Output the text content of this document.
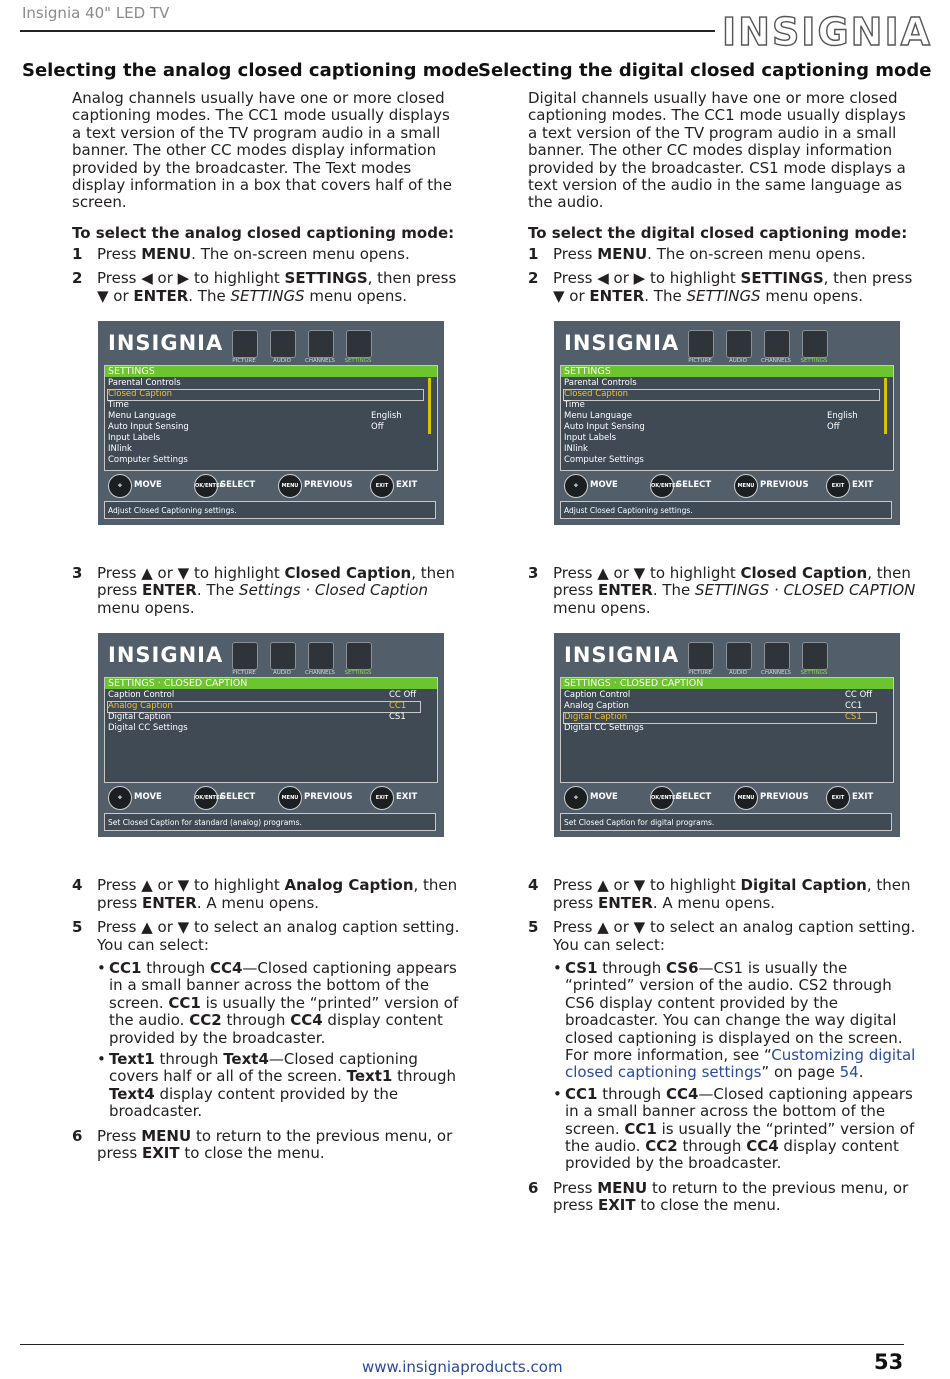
Insignia 40" LED TV	INSIGNIA
Selecting the analog closed captioning mode

Analog channels usually have one or more closed captioning modes. The CC1 mode usually displays a text version of the TV program audio in a small banner. The other CC modes display information provided by the broadcaster. The Text modes display information in a box that covers half of the screen.

To select the analog closed captioning mode:
1 Press MENU. The on-screen menu opens.
2 Press ◀ or ▶ to highlight SETTINGS, then press ▼ or ENTER. The SETTINGS menu opens.
INSIGNIA
PICTURE	AUDIO	CHANNELS	SETTINGS
SETTINGS
Parental Controls
Closed Caption
Time
Menu Language
Auto Input Sensing
Input Labels
INlink
Computer Settings
English
Off
✥	MOVE	OK/ENTER
SELECT	MENU PREVIOUS	EXIT EXIT
Adjust Closed Captioning settings.
3 Press ▲ or ▼ to highlight Closed Caption, then press ENTER. The Settings · Closed Caption menu opens.
INSIGNIA
PICTURE	AUDIO	CHANNELS	SETTINGS
SETTINGS · CLOSED CAPTION
Caption Control
Analog Caption
Digital Caption
Digital CC Settings
CC Off
CC1
CS1
✥	MOVE	OK/ENTER
SELECT	MENU PREVIOUS	EXIT EXIT
Set Closed Caption for standard (analog) programs.
4 Press ▲ or ▼ to highlight Analog Caption, then press ENTER. A menu opens.
5 Press ▲ or ▼ to select an analog caption setting. You can select:
• CC1 through CC4—Closed captioning appears in a small banner across the bottom of the screen. CC1 is usually the “printed” version of the audio. CC2 through CC4 display content provided by the broadcaster.
• Text1 through Text4—Closed captioning covers half or all of the screen. Text1 through Text4 display content provided by the broadcaster.
6 Press MENU to return to the previous menu, or press EXIT to close the menu.
Selecting the digital closed captioning mode

Digital channels usually have one or more closed captioning modes. The CC1 mode usually displays a text version of the TV program audio in a small banner. The other CC modes display information provided by the broadcaster. CS1 mode displays a text version of the audio in the same language as the audio.

To select the digital closed captioning mode:
1 Press MENU. The on-screen menu opens.
2 Press ◀ or ▶ to highlight SETTINGS, then press ▼ or ENTER. The SETTINGS menu opens.
INSIGNIA
PICTURE	AUDIO	CHANNELS	SETTINGS
SETTINGS
Parental Controls
Closed Caption
Time
Menu Language
Auto Input Sensing
Input Labels
INlink
Computer Settings
English
Off
✥	MOVE	OK/ENTER
SELECT	MENU PREVIOUS	EXIT EXIT
Adjust Closed Captioning settings.
3 Press ▲ or ▼ to highlight Closed Caption, then press ENTER. The SETTINGS · CLOSED CAPTION menu opens.
INSIGNIA
PICTURE	AUDIO	CHANNELS	SETTINGS
SETTINGS · CLOSED CAPTION
Caption Control
Analog Caption
Digital Caption
Digital CC Settings
CC Off
CC1
CS1
✥	MOVE	OK/ENTER
SELECT	MENU PREVIOUS	EXIT EXIT
Set Closed Caption for digital programs.
4 Press ▲ or ▼ to highlight Digital Caption, then press ENTER. A menu opens.
5 Press ▲ or ▼ to select an analog caption setting. You can select:
• CS1 through CS6—CS1 is usually the “printed” version of the audio. CS2 through CS6 display content provided by the broadcaster. You can change the way digital closed captioning is displayed on the screen. For more information, see “Customizing digital closed captioning settings” on page 54.
• CC1 through CC4—Closed captioning appears in a small banner across the bottom of the screen. CC1 is usually the “printed” version of the audio. CC2 through CC4 display content provided by the broadcaster.
6 Press MENU to return to the previous menu, or press EXIT to close the menu.
www.insigniaproducts.com	53
